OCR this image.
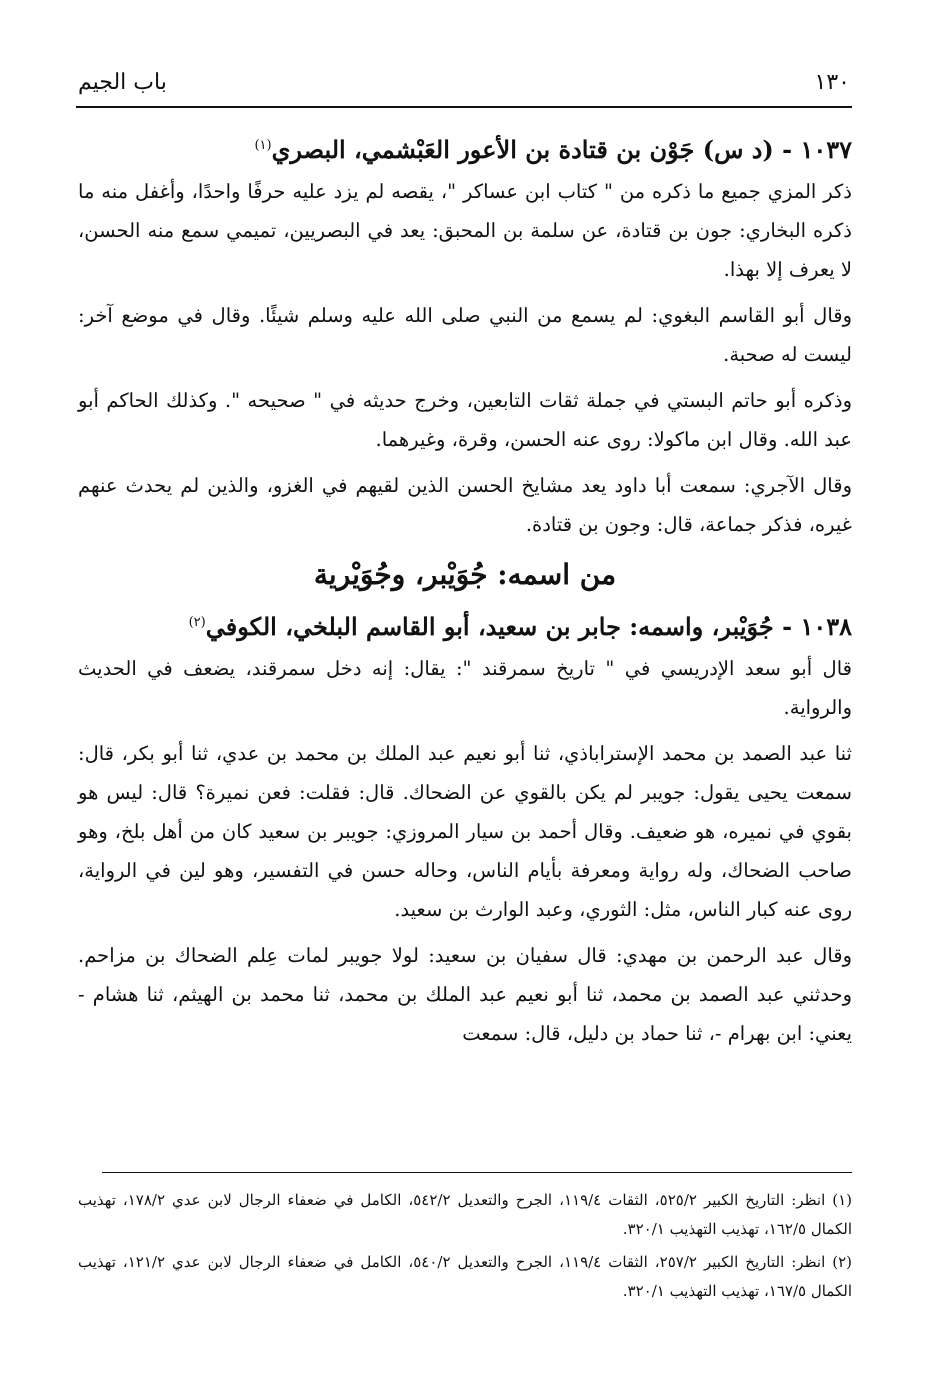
١٣٠
باب الجيم
١٠٣٧ - (د س) جَوْن بن قتادة بن الأعور العَبْشمي، البصري$^{(١)}$

ذكر المزي جميع ما ذكره من " كتاب ابن عساكر "، يقصه لم يزد عليه حرفًا واحدًا، وأغفل منه ما ذكره البخاري: جون بن قتادة، عن سلمة بن المحبق: يعد في البصريين، تميمي سمع منه الحسن، لا يعرف إلا بهذا.

وقال أبو القاسم البغوي: لم يسمع من النبي صلى الله عليه وسلم شيئًا. وقال في موضع آخر: ليست له صحبة.

وذكره أبو حاتم البستي في جملة ثقات التابعين، وخرج حديثه في " صحيحه ". وكذلك الحاكم أبو عبد الله. وقال ابن ماكولا: روى عنه الحسن، وقرة، وغيرهما.

وقال الآجري: سمعت أبا داود يعد مشايخ الحسن الذين لقيهم في الغزو، والذين لم يحدث عنهم غيره، فذكر جماعة، قال: وجون بن قتادة.

من اسمه: جُوَيْبر، وجُوَيْرية
١٠٣٨ - جُوَيْبر، واسمه: جابر بن سعيد، أبو القاسم البلخي، الكوفي$^{(٢)}$

قال أبو سعد الإدريسي في " تاريخ سمرقند ": يقال: إنه دخل سمرقند، يضعف في الحديث والرواية.

ثنا عبد الصمد بن محمد الإستراباذي، ثنا أبو نعيم عبد الملك بن محمد بن عدي، ثنا أبو بكر، قال: سمعت يحيى يقول: جويبر لم يكن بالقوي عن الضحاك. قال: فقلت: فعن نميرة؟ قال: ليس هو بقوي في نميره، هو ضعيف. وقال أحمد بن سيار المروزي: جويبر بن سعيد كان من أهل بلخ، وهو صاحب الضحاك، وله رواية ومعرفة بأيام الناس، وحاله حسن في التفسير، وهو لين في الرواية، روى عنه كبار الناس، مثل: الثوري، وعبد الوارث بن سعيد.

وقال عبد الرحمن بن مهدي: قال سفيان بن سعيد: لولا جويبر لمات عِلم الضحاك بن مزاحم. وحدثني عبد الصمد بن محمد، ثنا أبو نعيم عبد الملك بن محمد، ثنا محمد بن الهيثم، ثنا هشام - يعني: ابن بهرام -، ثنا حماد بن دليل، قال: سمعت

(١) انظر: التاريخ الكبير ٥٢٥/٢، الثقات ١١٩/٤، الجرح والتعديل ٥٤٢/٢، الكامل في ضعفاء الرجال لابن عدي ١٧٨/٢، تهذيب الكمال ١٦٢/٥، تهذيب التهذيب ٣٢٠/١.

(٢) انظر: التاريخ الكبير ٢٥٧/٢، الثقات ١١٩/٤، الجرح والتعديل ٥٤٠/٢، الكامل في ضعفاء الرجال لابن عدي ١٢١/٢، تهذيب الكمال ١٦٧/٥، تهذيب التهذيب ٣٢٠/١.
